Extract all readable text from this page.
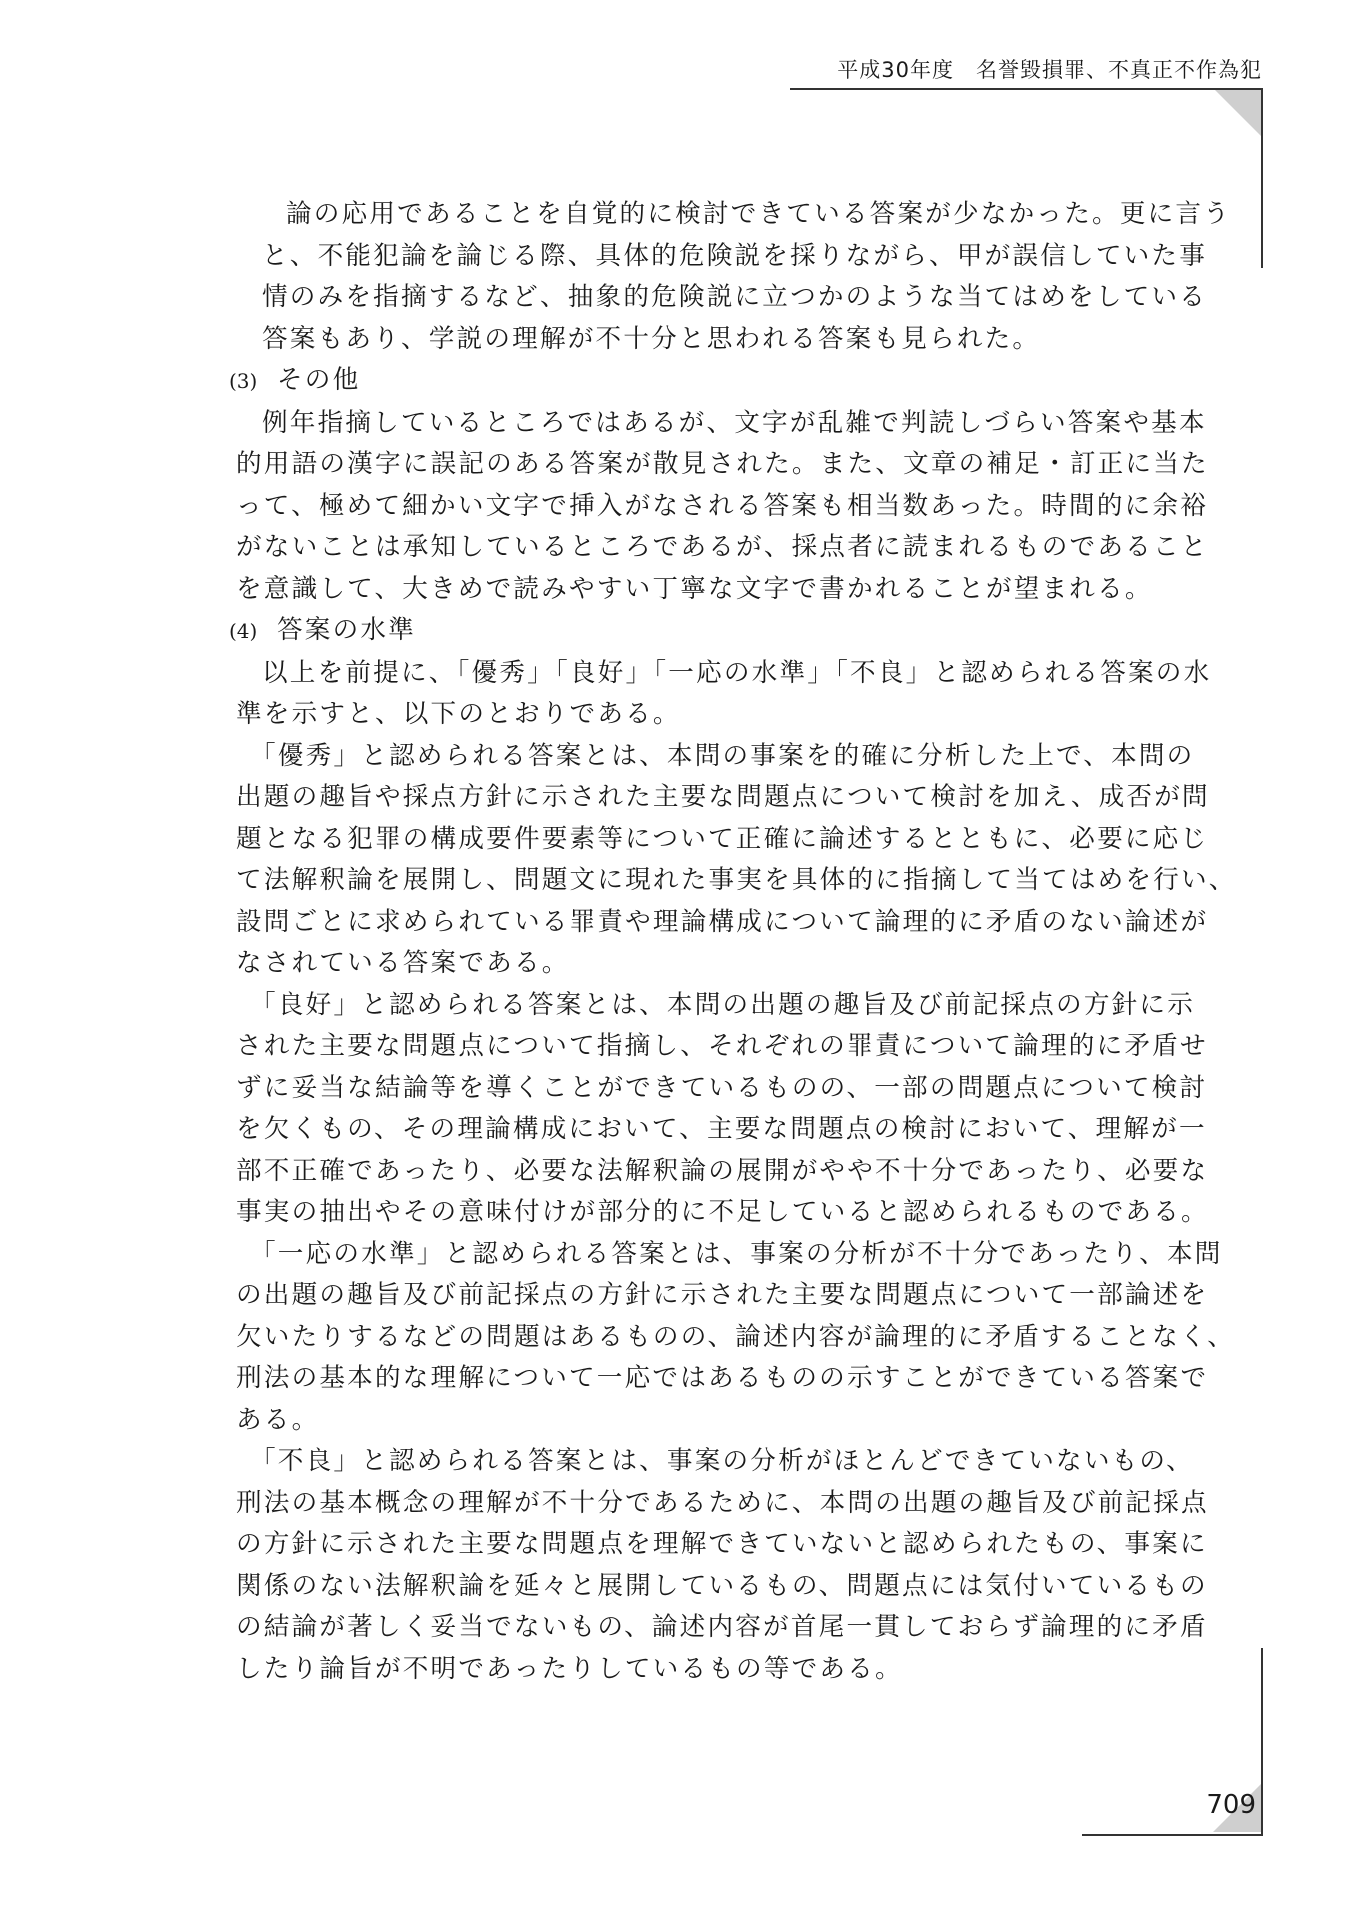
平成30年度　名誉毀損罪、不真正不作為犯
709
論の応用であることを自覚的に検討できている答案が少なかった。更に言う
と、不能犯論を論じる際、具体的危険説を採りながら、甲が誤信していた事
情のみを指摘するなど、抽象的危険説に立つかのような当てはめをしている
答案もあり、学説の理解が不十分と思われる答案も見られた。
(3) その他
例年指摘しているところではあるが、文字が乱雑で判読しづらい答案や基本
的用語の漢字に誤記のある答案が散見された。また、文章の補足・訂正に当た
って、極めて細かい文字で挿入がなされる答案も相当数あった。時間的に余裕
がないことは承知しているところであるが、採点者に読まれるものであること
を意識して、大きめで読みやすい丁寧な文字で書かれることが望まれる。
(4) 答案の水準
以上を前提に、「優秀」「良好」「一応の水準」「不良」と認められる答案の水
準を示すと、以下のとおりである。
「優秀」と認められる答案とは、本問の事案を的確に分析した上で、本問の
出題の趣旨や採点方針に示された主要な問題点について検討を加え、成否が問
題となる犯罪の構成要件要素等について正確に論述するとともに、必要に応じ
て法解釈論を展開し、問題文に現れた事実を具体的に指摘して当てはめを行い、
設問ごとに求められている罪責や理論構成について論理的に矛盾のない論述が
なされている答案である。
「良好」と認められる答案とは、本問の出題の趣旨及び前記採点の方針に示
された主要な問題点について指摘し、それぞれの罪責について論理的に矛盾せ
ずに妥当な結論等を導くことができているものの、一部の問題点について検討
を欠くもの、その理論構成において、主要な問題点の検討において、理解が一
部不正確であったり、必要な法解釈論の展開がやや不十分であったり、必要な
事実の抽出やその意味付けが部分的に不足していると認められるものである。
「一応の水準」と認められる答案とは、事案の分析が不十分であったり、本問
の出題の趣旨及び前記採点の方針に示された主要な問題点について一部論述を
欠いたりするなどの問題はあるものの、論述内容が論理的に矛盾することなく、
刑法の基本的な理解について一応ではあるものの示すことができている答案で
ある。
「不良」と認められる答案とは、事案の分析がほとんどできていないもの、
刑法の基本概念の理解が不十分であるために、本問の出題の趣旨及び前記採点
の方針に示された主要な問題点を理解できていないと認められたもの、事案に
関係のない法解釈論を延々と展開しているもの、問題点には気付いているもの
の結論が著しく妥当でないもの、論述内容が首尾一貫しておらず論理的に矛盾
したり論旨が不明であったりしているもの等である。
